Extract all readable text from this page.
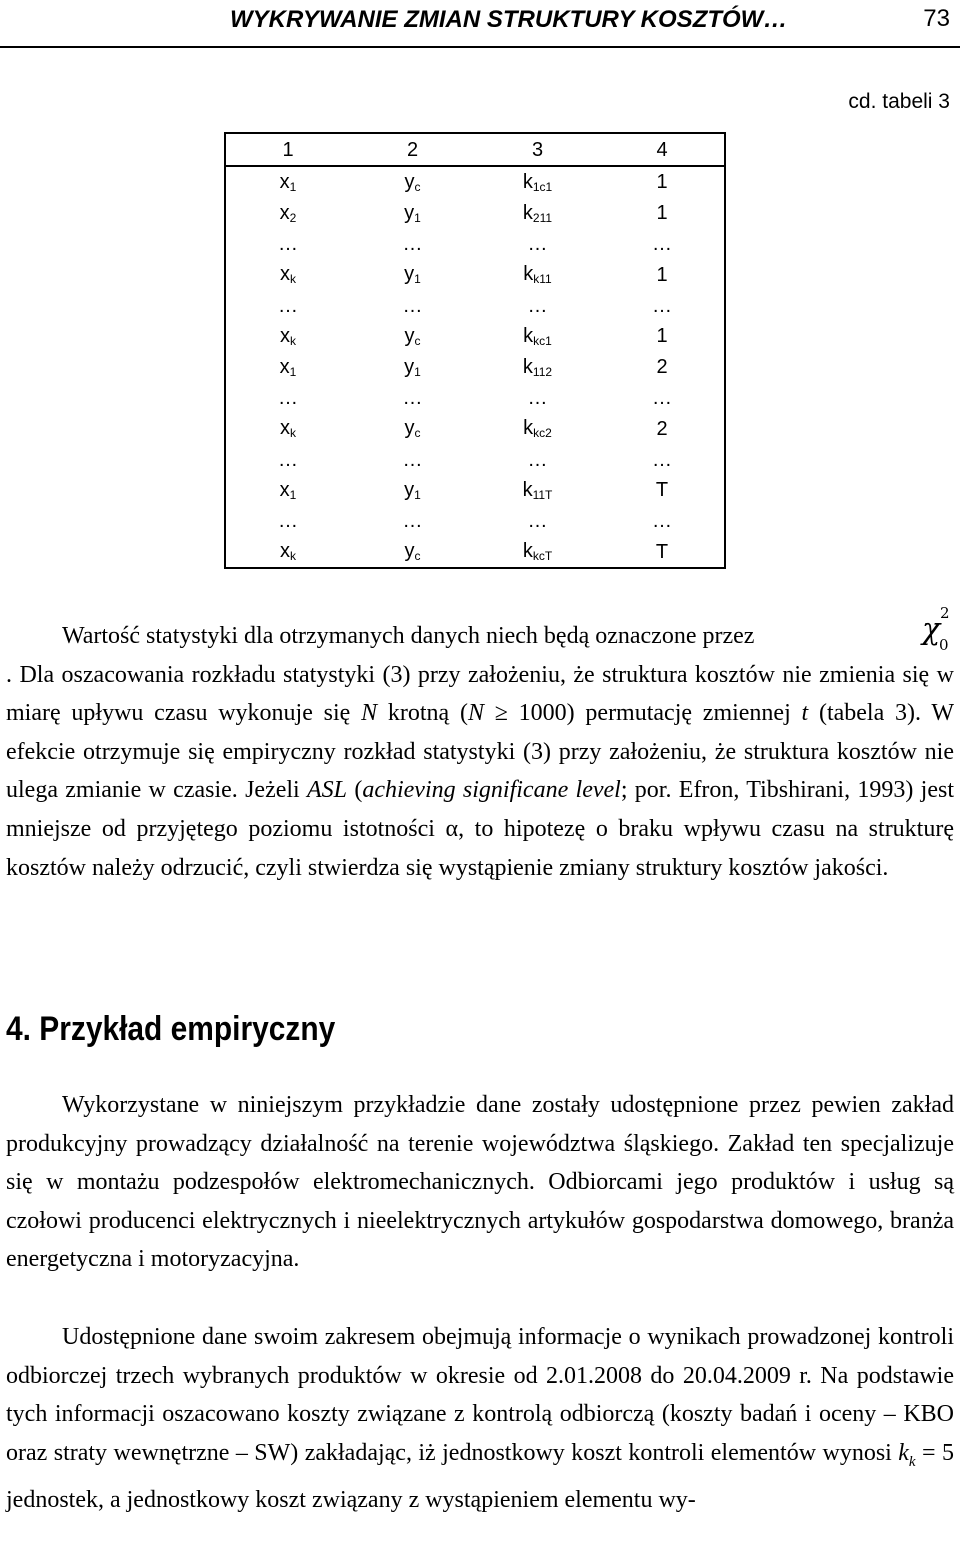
WYKRYWANIE ZMIAN STRUKTURY KOSZTÓW…	73
cd. tabeli 3
1	2	3	4
$x_1$	$y_c$	$k_{1c1}$	1
$x_2$	$y_1$	$k_{211}$	1
…	…	…	…
$x_k$	$y_1$	$k_{k11}$	1
…	…	…	…
$x_k$	$y_c$	$k_{kc1}$	1
$x_1$	$y_1$	$k_{112}$	2
…	…	…	…
$x_k$	$y_c$	$k_{kc2}$	2
…	…	…	…
$x_1$	$y_1$	$k_{11T}$	T
…	…	…	…
$x_k$	$y_c$	$k_{kcT}$	T
χ 2
0
Wartość statystyki dla otrzymanych danych niech będą oznaczone przez
. Dla oszacowania rozkładu statystyki (3) przy założeniu, że struktura kosztów nie zmienia się w miarę upływu czasu wykonuje się N krotną (N ≥ 1000) permutację zmiennej t (tabela 3). W efekcie otrzymuje się empiryczny rozkład statystyki (3) przy założeniu, że struktura kosztów nie ulega zmianie w czasie. Jeżeli ASL (achieving significane level; por. Efron, Tibshirani, 1993) jest mniejsze od przyjętego poziomu istotności α, to hipotezę o braku wpływu czasu na strukturę kosztów należy odrzucić, czyli stwierdza się wystąpienie zmiany struktury kosztów jakości.
4. Przykład empiryczny
Wykorzystane w niniejszym przykładzie dane zostały udostępnione przez pewien zakład produkcyjny prowadzący działalność na terenie województwa śląskiego. Zakład ten specjalizuje się w montażu podzespołów elektromechanicznych. Odbiorcami jego produktów i usług są czołowi producenci elektrycznych i nieelektrycznych artykułów gospodarstwa domowego, branża energetyczna i motoryzacyjna.
Udostępnione dane swoim zakresem obejmują informacje o wynikach prowadzonej kontroli odbiorczej trzech wybranych produktów w okresie od 2.01.2008 do 20.04.2009 r. Na podstawie tych informacji oszacowano koszty związane z kontrolą odbiorczą (koszty badań i oceny – KBO oraz straty wewnętrzne – SW) zakładając, iż jednostkowy koszt kontroli elementów wynosi $k_k = 5$ jednostek, a jednostkowy koszt związany z wystąpieniem elementu wy-
